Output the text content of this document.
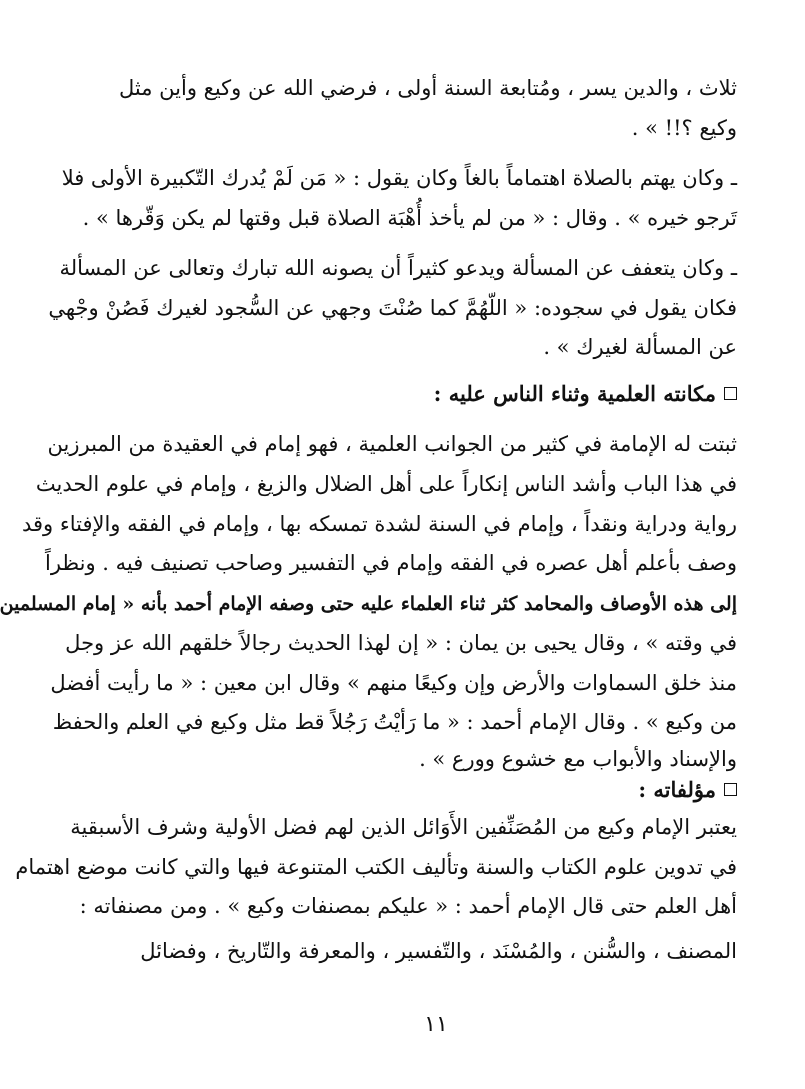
ثلاث ، والدين يسر ، ومُتابعة السنة أولى ، فرضي الله عن وكيع وأين مثل
وكيع ؟!! » .
ـ وكان يهتم بالصلاة اهتماماً بالغاً وكان يقول : « مَن لَمْ يُدرك التّكبيرة الأولى فلا
تَرجو خيره » . وقال : « من لم يأخذ أُهْبَة الصلاة قبل وقتها لم يكن وَقّرها » .
ـ وكان يتعفف عن المسألة ويدعو كثيراً أن يصونه الله تبارك وتعالى عن المسألة
فكان يقول في سجوده: « اللّهُمَّ كما صُنْتَ وجهي عن السُّجود لغيرك فَصُنْ وجْهي
عن المسألة لغيرك » .
مكانته العلمية وثناء الناس عليه :
ثبتت له الإمامة في كثير من الجوانب العلمية ، فهو إمام في العقيدة من المبرزين
في هذا الباب وأشد الناس إنكاراً على أهل الضلال والزيغ ، وإمام في علوم الحديث
رواية ودراية ونقداً ، وإمام في السنة لشدة تمسكه بها ، وإمام في الفقه والإفتاء وقد
وصف بأعلم أهل عصره في الفقه وإمام في التفسير وصاحب تصنيف فيه . ونظراً
إلى هذه الأوصاف والمحامد كثر ثناء العلماء عليه حتى وصفه الإمام أحمد بأنه « إمام المسلمين
في وقته » ، وقال يحيى بن يمان : « إن لهذا الحديث رجالاً خلقهم الله عز وجل
منذ خلق السماوات والأرض وإن وكيعًا منهم » وقال ابن معين : « ما رأيت أفضل
من وكيع » . وقال الإمام أحمد : « ما رَأيْتُ رَجُلاً قط مثل وكيع في العلم والحفظ
والإسناد والأبواب مع خشوع وورع » .
مؤلفاته :
يعتبر الإمام وكيع من المُصَنِّفين الأَوَائل الذين لهم فضل الأولية وشرف الأسبقية
في تدوين علوم الكتاب والسنة وتأليف الكتب المتنوعة فيها والتي كانت موضع اهتمام
أهل العلم حتى قال الإمام أحمد : « عليكم بمصنفات وكيع » . ومن مصنفاته :
المصنف ، والسُّنن ، والمُسْنَد ، والتّفسير ، والمعرفة والتّاريخ ، وفضائل
١١
